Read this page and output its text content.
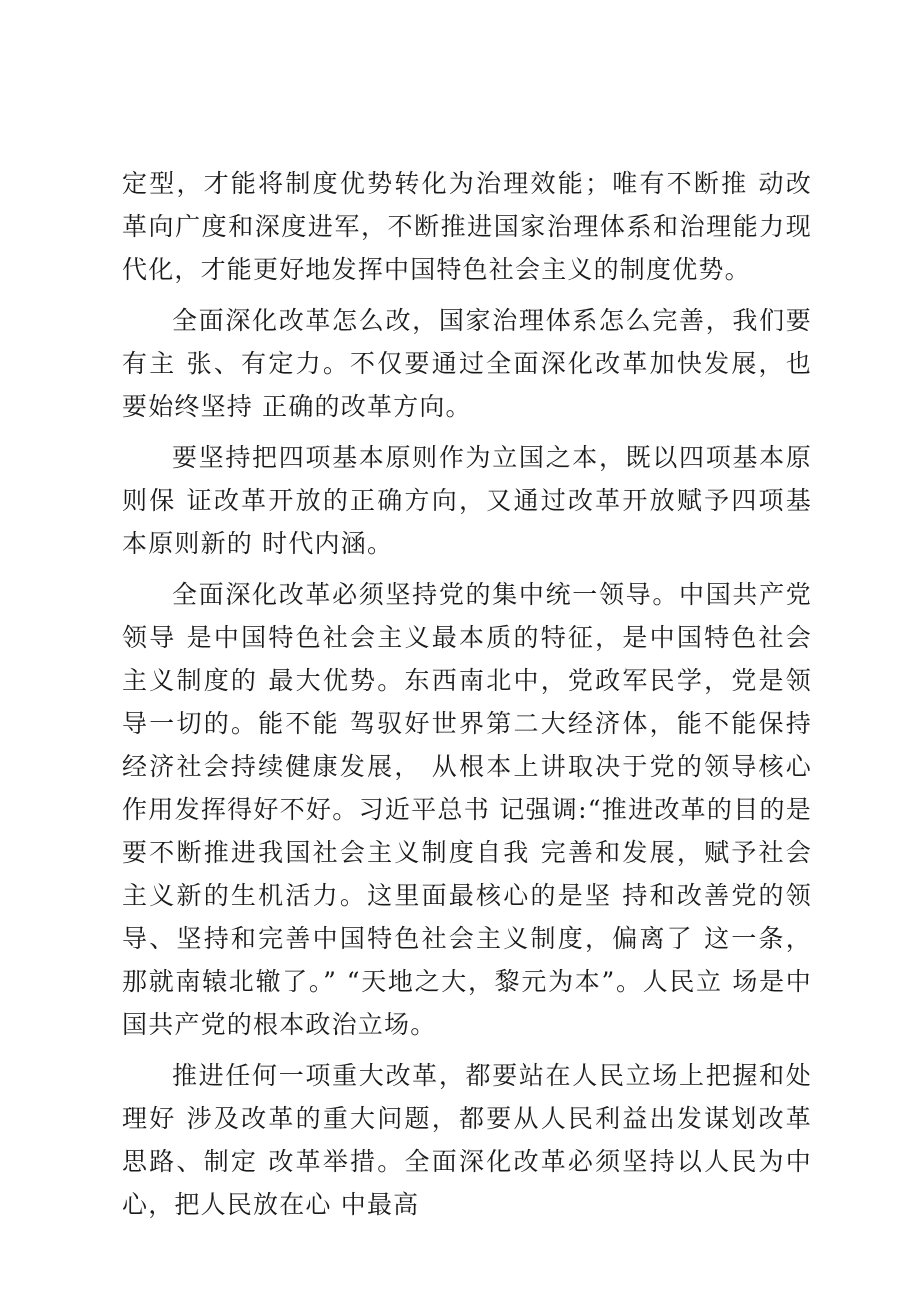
定型，才能将制度优势转化为治理效能；唯有不断推 动改革向广度和深度进军，不断推进国家治理体系和治理能力现 代化，才能更好地发挥中国特色社会主义的制度优势。

全面深化改革怎么改，国家治理体系怎么完善，我们要有主 张、有定力。不仅要通过全面深化改革加快发展，也要始终坚持 正确的改革方向。

要坚持把四项基本原则作为立国之本，既以四项基本原则保 证改革开放的正确方向，又通过改革开放赋予四项基本原则新的 时代内涵。

全面深化改革必须坚持党的集中统一领导。中国共产党领导 是中国特色社会主义最本质的特征，是中国特色社会主义制度的 最大优势。东西南北中，党政军民学，党是领导一切的。能不能 驾驭好世界第二大经济体，能不能保持经济社会持续健康发展， 从根本上讲取决于党的领导核心作用发挥得好不好。习近平总书 记强调:“推进改革的目的是要不断推进我国社会主义制度自我 完善和发展，赋予社会主义新的生机活力。这里面最核心的是坚 持和改善党的领导、坚持和完善中国特色社会主义制度，偏离了 这一条，那就南辕北辙了。” “天地之大，黎元为本”。人民立 场是中国共产党的根本政治立场。

推进任何一项重大改革，都要站在人民立场上把握和处理好 涉及改革的重大问题，都要从人民利益出发谋划改革思路、制定 改革举措。全面深化改革必须坚持以人民为中心，把人民放在心 中最高
